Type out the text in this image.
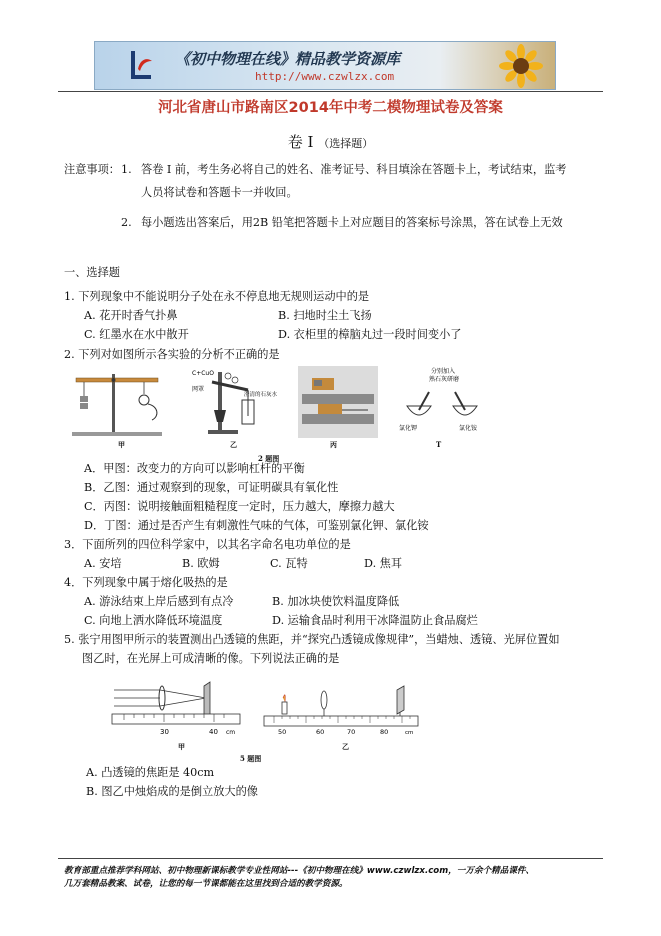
《初中物理在线》精品教学资源库
http://www.czwlzx.com
河北省唐山市路南区2014年中考二模物理试卷及答案
卷 I （选择题）
注意事项： 1. 答卷 I 前，考生务必将自己的姓名、准考证号、科目填涂在答题卡上，考试结束，监考
人员将试卷和答题卡一并收回。
2. 每小题选出答案后，用2B 铅笔把答题卡上对应题目的答案标号涂黑，答在试卷上无效
一、选择题
1. 下列现象中不能说明分子处在永不停息地无规则运动中的是
A. 花开时香气扑鼻	B. 扫地时尘土飞扬
C. 红墨水在水中散开	D. 衣柜里的樟脑丸过一段时间变小了
2. 下列对如图所示各实验的分析不正确的是
C+CuO
网罩
澄清的石灰水
分别加入
熟石灰研磨
氯化钾	氯化铵
甲	乙	丙	T
2 题图
A．甲图：改变力的方向可以影响杠杆的平衡
B．乙图：通过观察到的现象，可证明碳具有氧化性
C．丙图：说明接触面粗糙程度一定时，压力越大，摩擦力越大
D．丁图：通过是否产生有刺激性气味的气体，可鉴别氯化钾、氯化铵
3．下面所列的四位科学家中，以其名字命名电功单位的是
A. 安培	B. 欧姆	C. 瓦特	D. 焦耳
4．下列现象中属于熔化吸热的是
A. 游泳结束上岸后感到有点冷	B. 加冰块使饮料温度降低
C. 向地上洒水降低环境温度	D. 运输食品时利用干冰降温防止食品腐烂
5. 张宁用图甲所示的装置测出凸透镜的焦距，并“探究凸透镜成像规律”，当蜡烛、透镜、光屏位置如
图乙时，在光屏上可成清晰的像。下列说法正确的是
30	40 cm	50	60	70	80	cm
甲	乙
5 题图
A. 凸透镜的焦距是 40cm
B. 图乙中烛焰成的是倒立放大的像
教育部重点推荐学科网站、初中物理新课标教学专业性网站---《初中物理在线》www.czwlzx.com，一万余个精品课件、
几万套精品教案、试卷，让您的每一节课都能在这里找到合适的教学资源。
